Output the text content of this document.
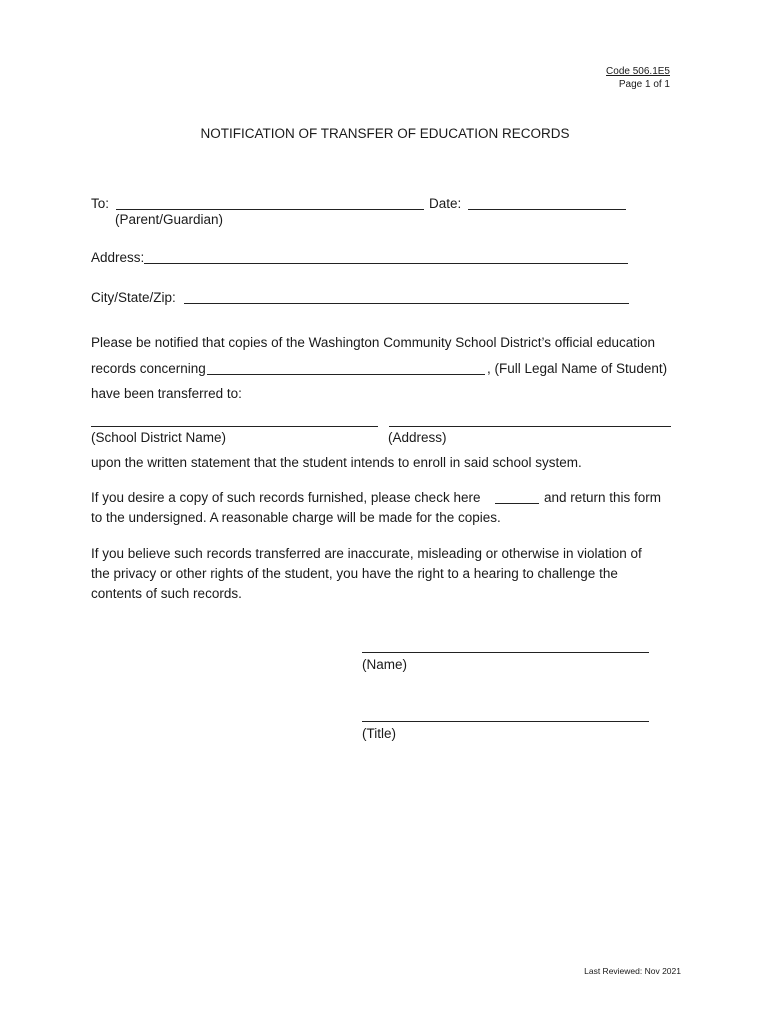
Code 506.1E5
Page 1 of 1
NOTIFICATION OF TRANSFER OF EDUCATION RECORDS
To:	Date:
(Parent/Guardian)
Address:
City/State/Zip:
Please be notified that copies of the Washington Community School District’s official education
records concerning	, (Full Legal Name of Student)
have been transferred to:
(School District Name)	(Address)
upon the written statement that the student intends to enroll in said school system.
If you desire a copy of such records furnished, please check here	and return this form
to the undersigned. A reasonable charge will be made for the copies.
If you believe such records transferred are inaccurate, misleading or otherwise in violation of
the privacy or other rights of the student, you have the right to a hearing to challenge the
contents of such records.
(Name)
(Title)
Last Reviewed: Nov 2021
